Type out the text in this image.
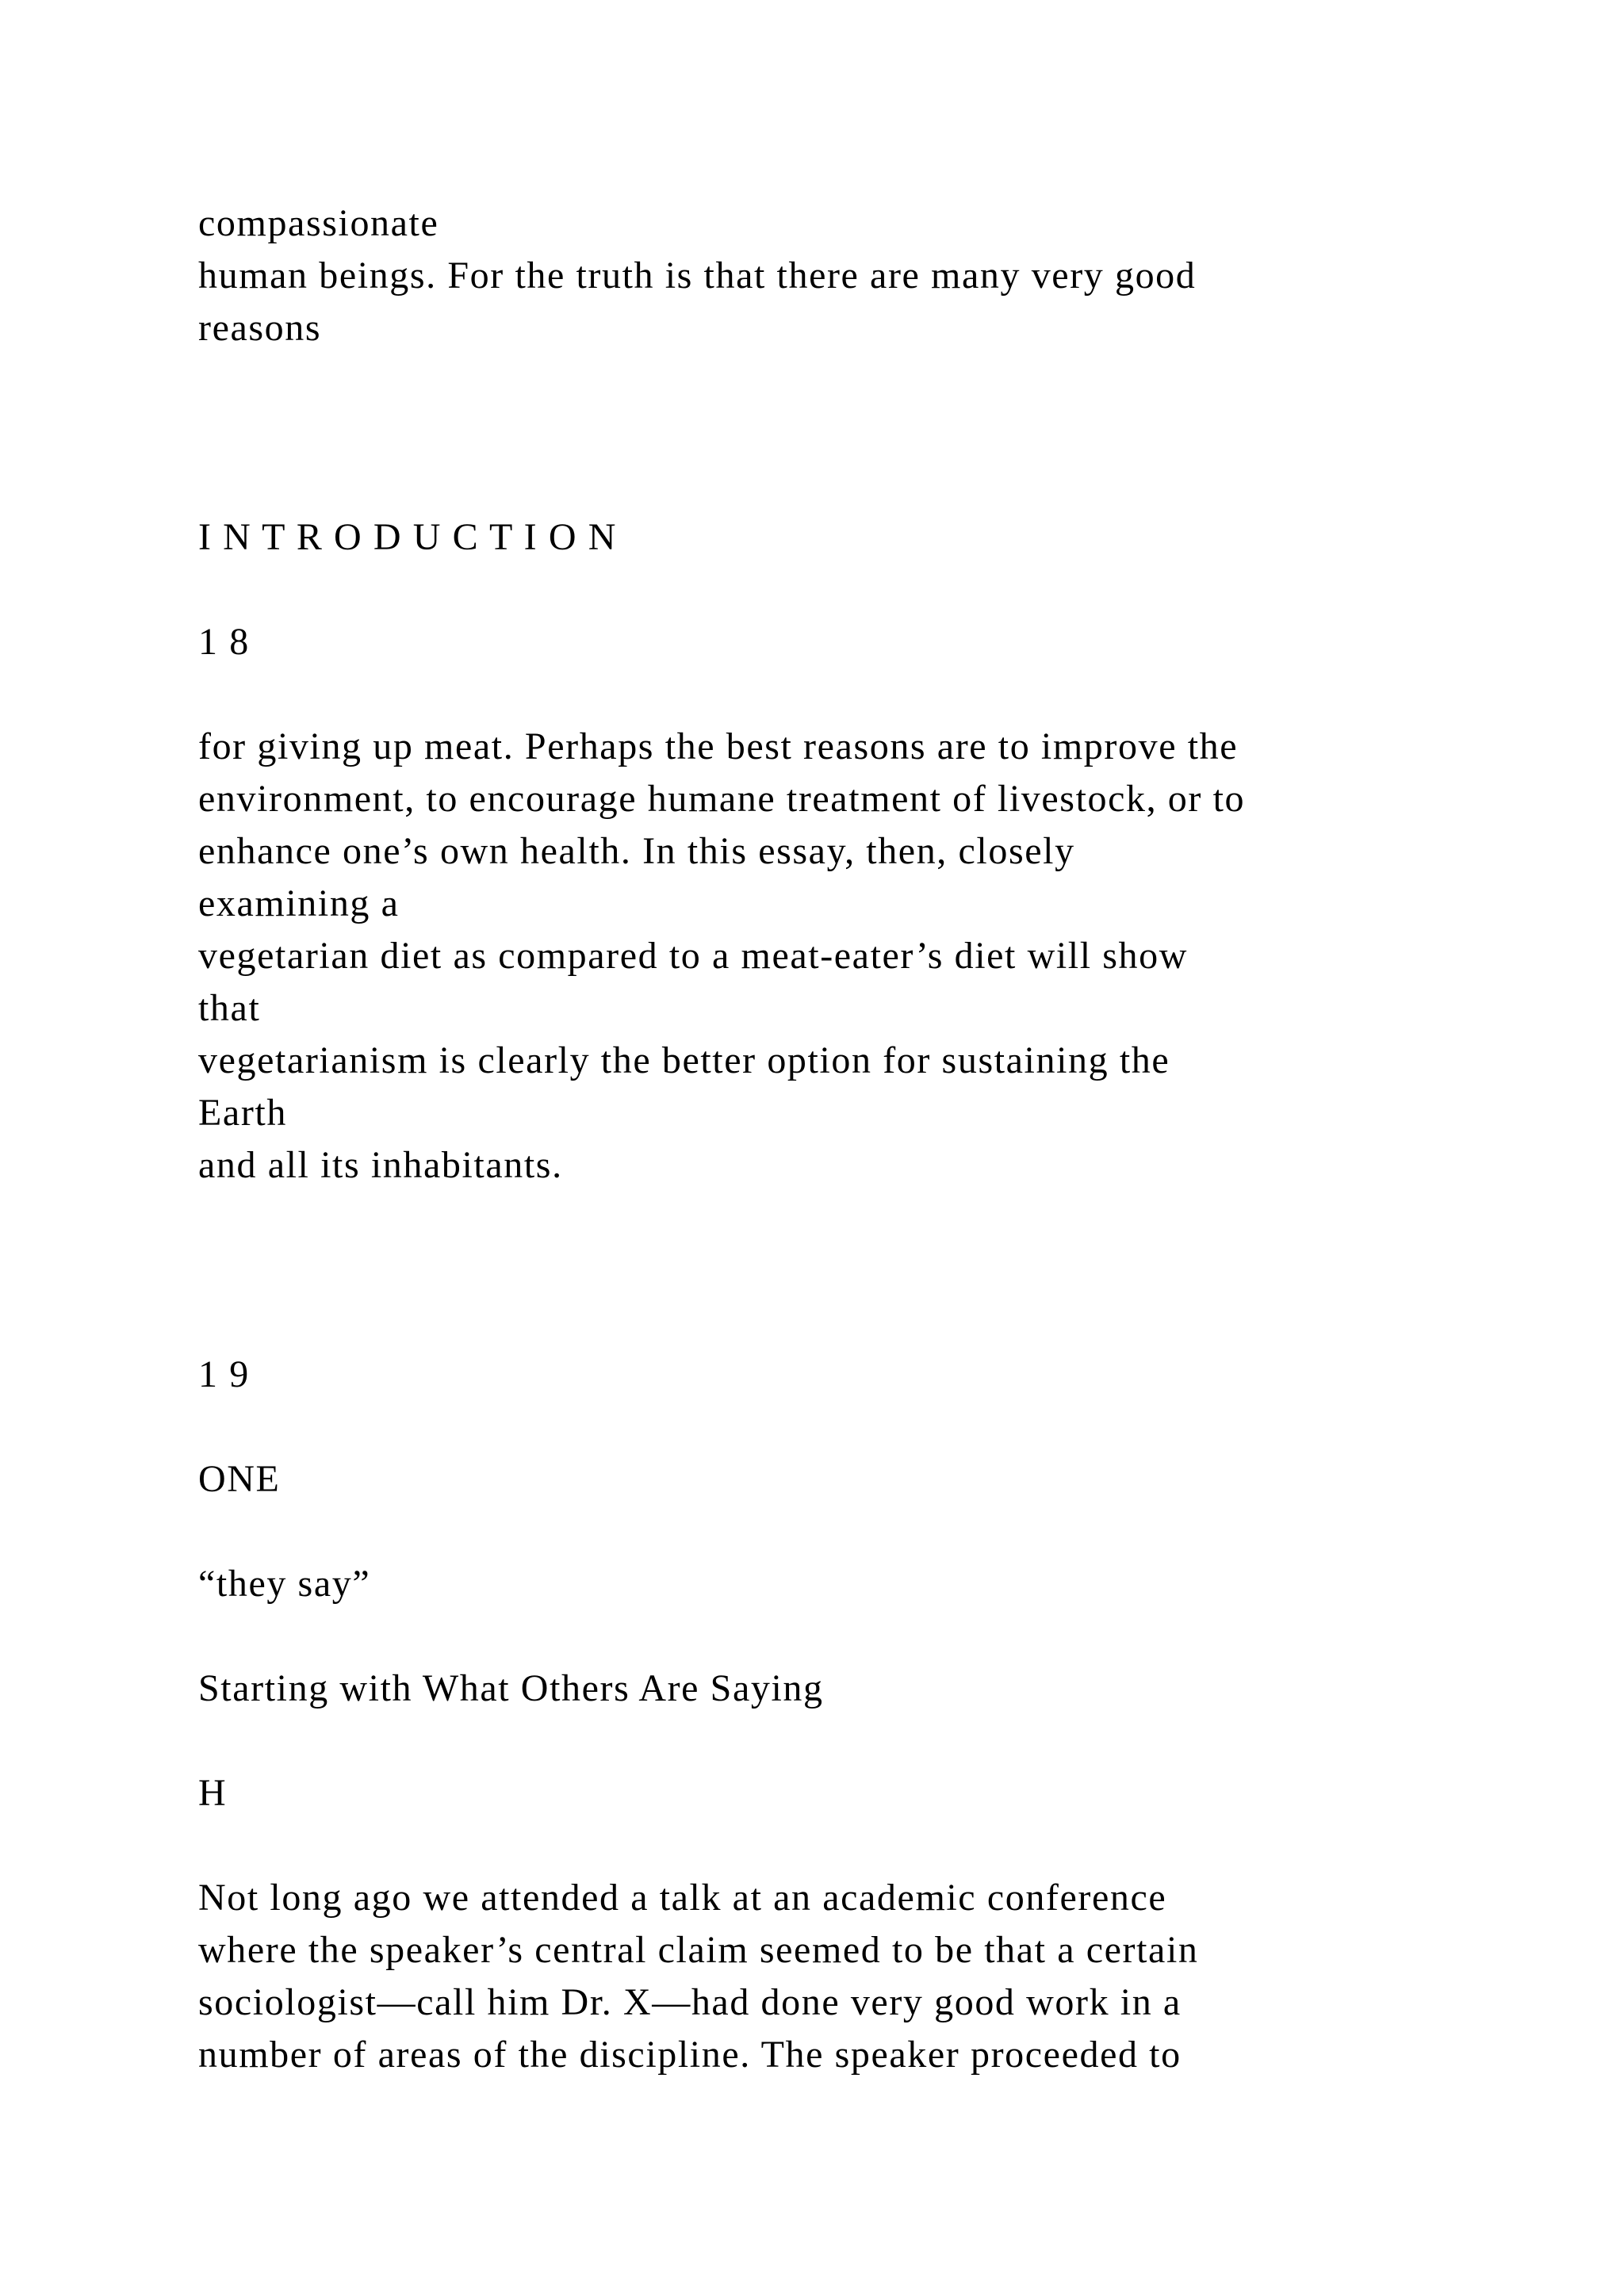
compassionate

human beings. For the truth is that there are many very good

reasons

I N T R O D U C T I O N

1 8

for giving up meat. Perhaps the best reasons are to improve the

environment, to encourage humane treatment of livestock, or to

enhance one’s own health. In this essay, then, closely

examining a

vegetarian diet as compared to a meat-eater’s diet will show

that

vegetarianism is clearly the better option for sustaining the

Earth

and all its inhabitants.

1 9

ONE

“they say”

Starting with What Others Are Saying

H

Not long ago we attended a talk at an academic conference

where the speaker’s central claim seemed to be that a certain

sociologist—call him Dr. X—had done very good work in a

number of areas of the discipline. The speaker proceeded to
